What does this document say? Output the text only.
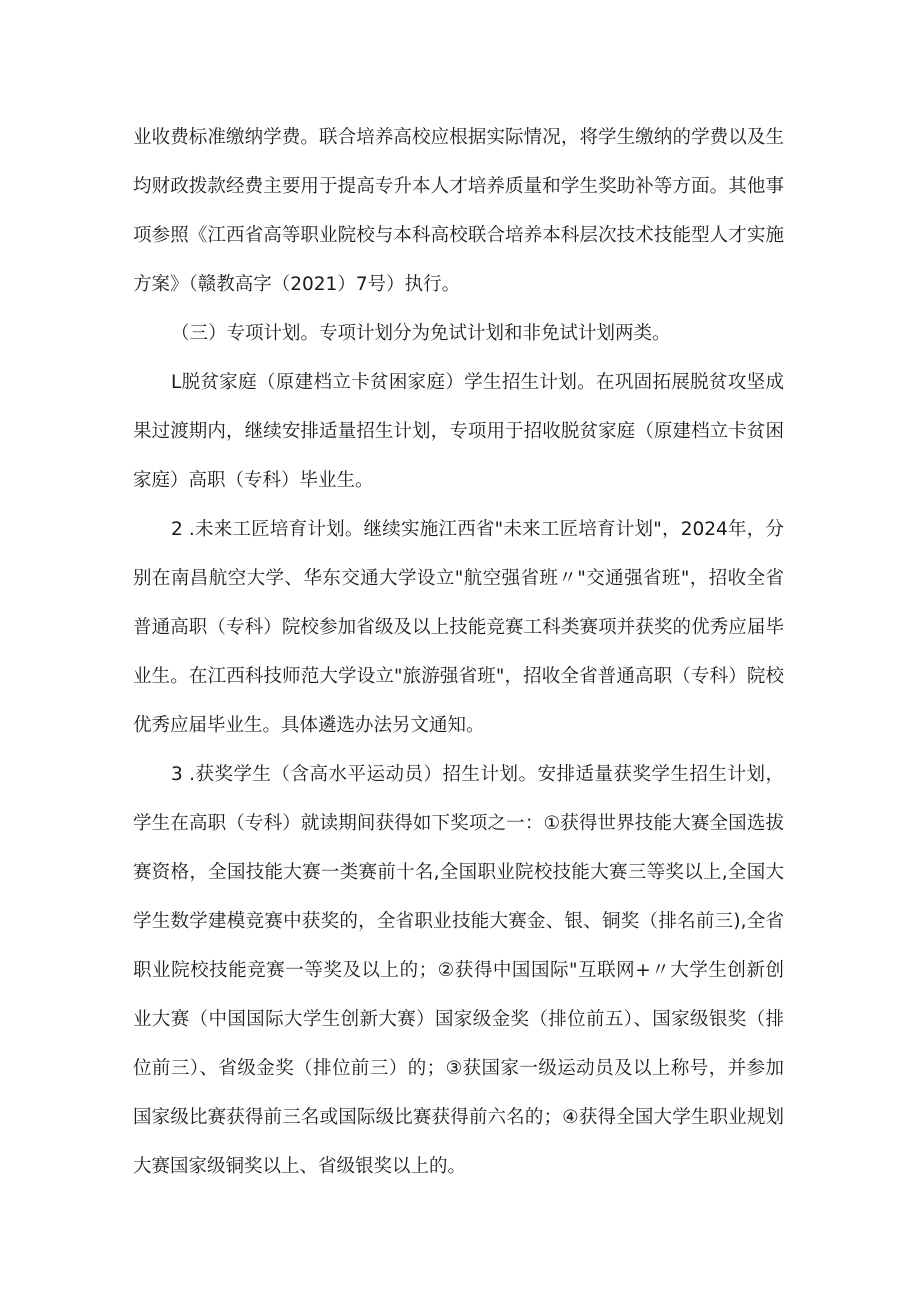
业收费标准缴纳学费。联合培养高校应根据实际情况，将学生缴纳的学费以及生均财政拨款经费主要用于提高专升本人才培养质量和学生奖助补等方面。其他事项参照《江西省高等职业院校与本科高校联合培养本科层次技术技能型人才实施方案》（赣教高字（2021）7号）执行。

（三）专项计划。专项计划分为免试计划和非免试计划两类。

L脱贫家庭（原建档立卡贫困家庭）学生招生计划。在巩固拓展脱贫攻坚成果过渡期内，继续安排适量招生计划，专项用于招收脱贫家庭（原建档立卡贫困家庭）高职（专科）毕业生。

2 .未来工匠培育计划。继续实施江西省"未来工匠培育计划"，2024年，分别在南昌航空大学、华东交通大学设立"航空强省班〃"交通强省班"，招收全省普通高职（专科）院校参加省级及以上技能竞赛工科类赛项并获奖的优秀应届毕业生。在江西科技师范大学设立"旅游强省班"，招收全省普通高职（专科）院校优秀应届毕业生。具体遴选办法另文通知。

3 .获奖学生（含高水平运动员）招生计划。安排适量获奖学生招生计划，学生在高职（专科）就读期间获得如下奖项之一：①获得世界技能大赛全国选拔赛资格，全国技能大赛一类赛前十名,全国职业院校技能大赛三等奖以上,全国大学生数学建模竞赛中获奖的，全省职业技能大赛金、银、铜奖（排名前三),全省职业院校技能竞赛一等奖及以上的；②获得中国国际"互联网+〃大学生创新创业大赛（中国国际大学生创新大赛）国家级金奖（排位前五）、国家级银奖（排位前三）、省级金奖（排位前三）的；③获国家一级运动员及以上称号，并参加国家级比赛获得前三名或国际级比赛获得前六名的；④获得全国大学生职业规划大赛国家级铜奖以上、省级银奖以上的。
